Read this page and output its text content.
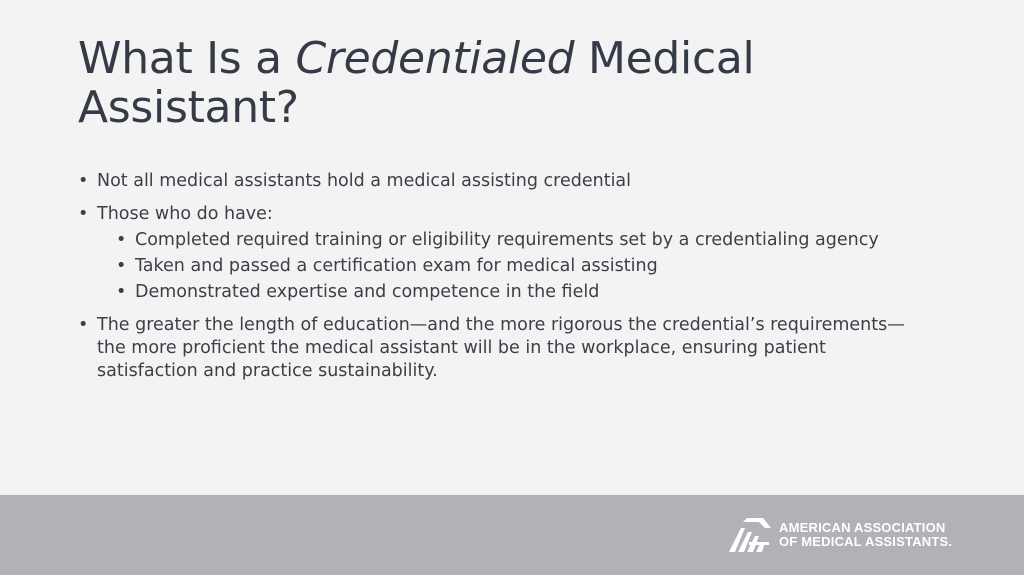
What Is a Credentialed Medical Assistant?
• Not all medical assistants hold a medical assisting credential
• Those who do have:
• Completed required training or eligibility requirements set by a credentialing agency
• Taken and passed a certification exam for medical assisting
• Demonstrated expertise and competence in the field
• The greater the length of education—and the more rigorous the credential’s requirements—the more proficient the medical assistant will be in the workplace, ensuring patient satisfaction and practice sustainability.
AMERICAN ASSOCIATION
OF MEDICAL ASSISTANTS.
